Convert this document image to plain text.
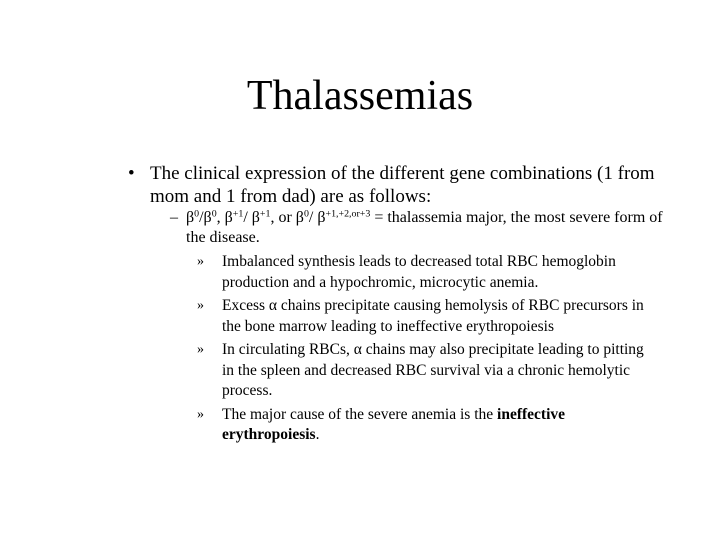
Thalassemias
• The clinical expression of the different gene combinations (1 from mom and 1 from dad) are as follows:
– $\beta^0/\beta^0$, $\beta^{+1}/$ $\beta^{+1}$, or $\beta^0/$ $\beta^{+1,+2,or+3}$ = thalassemia major, the most severe form of the disease.
» Imbalanced synthesis leads to decreased total RBC hemoglobin production and a hypochromic, microcytic anemia.
» Excess α chains precipitate causing hemolysis of RBC precursors in the bone marrow leading to ineffective erythropoiesis
» In circulating RBCs, α chains may also precipitate leading to pitting in the spleen and decreased RBC survival via a chronic hemolytic process.
» The major cause of the severe anemia is the ineffective erythropoiesis.
